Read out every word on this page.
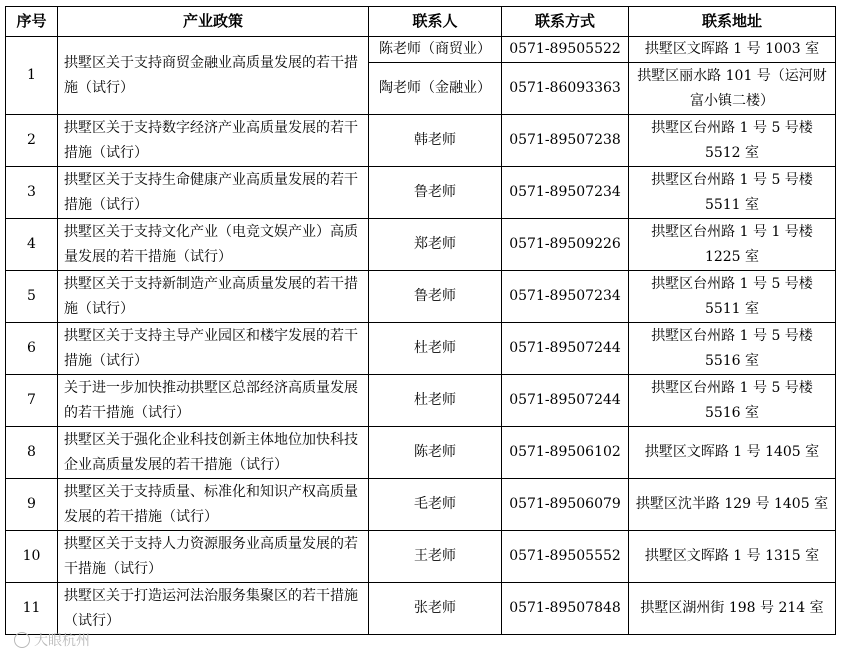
序号	产业政策	联系人	联系方式	联系地址
1	拱墅区关于支持商贸金融业高质量发展的若干措施（试行）	陈老师（商贸业）	0571-89505522	拱墅区文晖路 1 号 1003 室
		陶老师（金融业）	0571-86093363	拱墅区丽水路 101 号（运河财富小镇二楼）
2	拱墅区关于支持数字经济产业高质量发展的若干措施（试行）	韩老师	0571-89507238	拱墅区台州路 1 号 5 号楼 5512 室
3	拱墅区关于支持生命健康产业高质量发展的若干措施（试行）	鲁老师	0571-89507234	拱墅区台州路 1 号 5 号楼 5511 室
4	拱墅区关于支持文化产业（电竞文娱产业）高质量发展的若干措施（试行）	郑老师	0571-89509226	拱墅区台州路 1 号 1 号楼 1225 室
5	拱墅区关于支持新制造产业高质量发展的若干措施（试行）	鲁老师	0571-89507234	拱墅区台州路 1 号 5 号楼 5511 室
6	拱墅区关于支持主导产业园区和楼宇发展的若干措施（试行）	杜老师	0571-89507244	拱墅区台州路 1 号 5 号楼 5516 室
7	关于进一步加快推动拱墅区总部经济高质量发展的若干措施（试行）	杜老师	0571-89507244	拱墅区台州路 1 号 5 号楼 5516 室
8	拱墅区关于强化企业科技创新主体地位加快科技企业高质量发展的若干措施（试行）	陈老师	0571-89506102	拱墅区文晖路 1 号 1405 室
9	拱墅区关于支持质量、标准化和知识产权高质量发展的若干措施（试行）	毛老师	0571-89506079	拱墅区沈半路 129 号 1405 室
10	拱墅区关于支持人力资源服务业高质量发展的若干措施（试行）	王老师	0571-89505552	拱墅区文晖路 1 号 1315 室
11	拱墅区关于打造运河法治服务集聚区的若干措施（试行）	张老师	0571-89507848	拱墅区湖州街 198 号 214 室
大眼杭州
